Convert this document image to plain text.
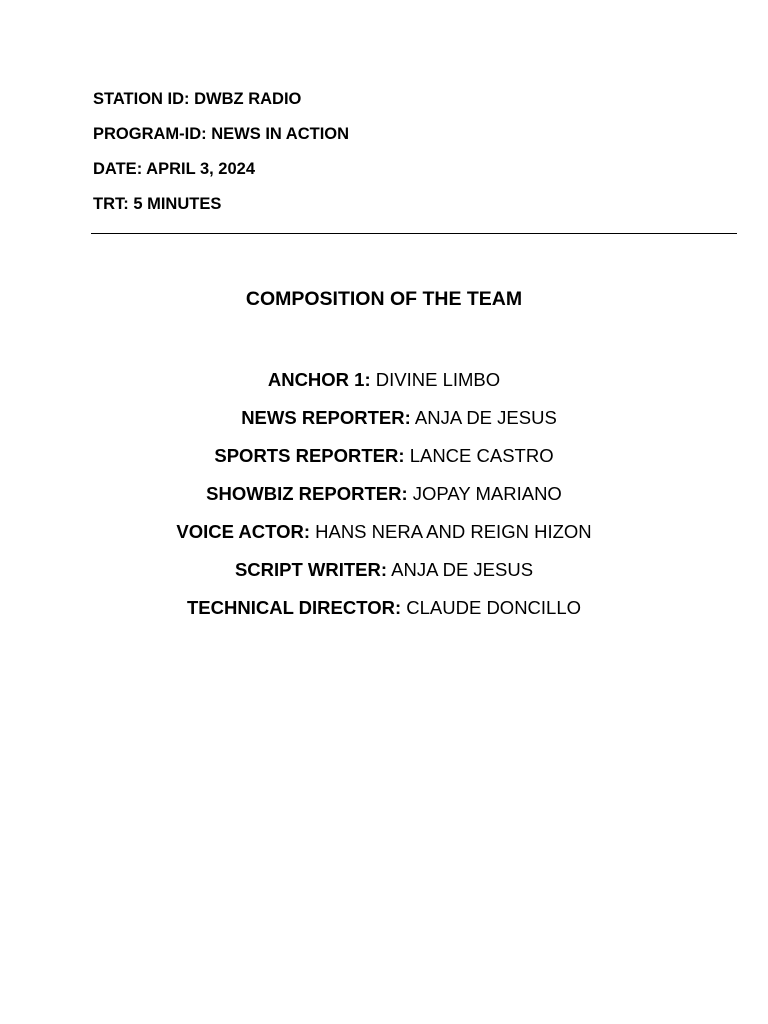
STATION ID: DWBZ RADIO
PROGRAM-ID: NEWS IN ACTION
DATE: APRIL 3, 2024
TRT: 5 MINUTES
COMPOSITION OF THE TEAM
ANCHOR 1: DIVINE LIMBO
NEWS REPORTER: ANJA DE JESUS
SPORTS REPORTER: LANCE CASTRO
SHOWBIZ REPORTER: JOPAY MARIANO
VOICE ACTOR: HANS NERA AND REIGN HIZON
SCRIPT WRITER: ANJA DE JESUS
TECHNICAL DIRECTOR: CLAUDE DONCILLO
